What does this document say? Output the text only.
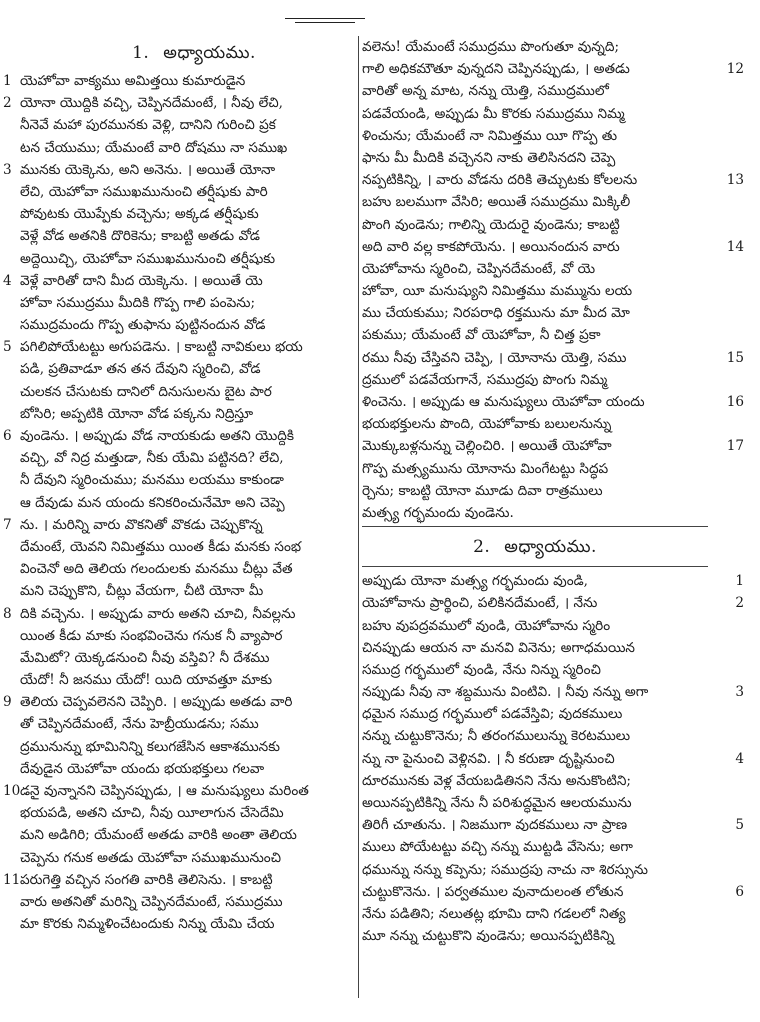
1. అధ్యాయము.
యెహోవా వాక్యము అమిత్తయి కుమారుడైన
1
యోనా యొద్దికి వచ్చి, చెప్పినదేమంటే, । నీవు లేచి,
2
నీనెవే మహా పురమునకు వెళ్లి, దానిని గురించి ప్రక
టన చేయుము; యేమంటే వారి దోషము నా సముఖ
మునకు యెక్కెను, అని అనెను. । అయితే యోనా
3
లేచి, యెహోవా సముఖమునుంచి తర్షీషుకు పారి
పోవుటకు యొప్పేకు వచ్చెను; అక్కడ తర్షీషుకు
వెళ్లే వోడ అతనికి దొరికెను; కాబట్టి అతడు వోడ
అద్దెయిచ్చి, యెహోవా సముఖమునుంచి తర్షీషుకు
వెళ్లే వారితో దాని మీద యెక్కెను. । అయితే యె
4
హోవా సముద్రము మీదికి గొప్ప గాలి పంపెను;
సముద్రమందు గొప్ప తుఫాను పుట్టినందున వోడ
పగిలిపోయేటట్టు అగుపడెను. । కాబట్టి నావికులు భయ
5
పడి, ప్రతివాడూ తన తన దేవుని స్మరించి, వోడ
చులకన చేసుటకు దానిలో దినుసులను బైట పార
బోసిరి; అప్పటికి యోనా వోడ పక్కను నిద్రిస్తూ
వుండెను. । అప్పుడు వోడ నాయకుడు అతని యొద్దికి
6
వచ్చి, వో నిద్ర మత్తుడా, నీకు యేమి పట్టినది? లేచి,
నీ దేవుని స్మరించుము; మనము లయము కాకుండా
ఆ దేవుడు మన యందు కనికరించునేమో అని చెప్పె
ను. । మరిన్ని వారు వొకనితో వొకడు చెప్పుకొన్న
7
దేమంటే, యెవని నిమిత్తము యింత కీడు మనకు సంభ
వించెనో అది తెలియ గలందులకు మనము చీట్లు వేత
మని చెప్పుకొని, చీట్లు వేయగా, చీటి యోనా మీ
దికి వచ్చెను. । అప్పుడు వారు అతని చూచి, నీవల్లను
8
యింత కీడు మాకు సంభవించెను గనుక నీ వ్యాపార
మేమిటో? యెక్కడనుంచి నీవు వస్తివి? నీ దేశము
యేదో! నీ జనము యేదో! యిది యావత్తూ మాకు
తెలియ చెప్పవలెనని చెప్పిరి. । అప్పుడు అతడు వారి
9
తో చెప్పినదేమంటే, నేను హెబ్రీయుడను; సము
ద్రమునున్ను భూమినిన్ని కలుగజేసిన ఆకాశమునకు
దేవుడైన యెహోవా యందు భయభక్తులు గలవా
డనై వున్నానని చెప్పినప్పుడు, । ఆ మనుష్యులు మరింత
10
భయపడి, అతని చూచి, నీవు యీలాగున చేసెదేమి
మని అడిగిరి; యేమంటే అతడు వారికి అంతా తెలియ
చెప్పెను గనుక అతడు యెహోవా సముఖమునుంచి
పరుగెత్తి వచ్చిన సంగతి వారికి తెలిసెను. । కాబట్టి
11
వారు అతనితో మరిన్ని చెప్పినదేమంటే, సముద్రము
మా కొరకు నిమ్మళించేటందుకు నిన్ను యేమి చేయ
వలెను! యేమంటే సముద్రము పొంగుతూ వున్నది;
గాలి అధికమౌతూ వున్నదని చెప్పినప్పుడు, । అతడు	12
వారితో అన్న మాట, నన్ను యెత్తి, సముద్రములో
పడవేయండి, అప్పుడు మీ కొరకు సముద్రము నిమ్మ
ళించును; యేమంటే నా నిమిత్తము యీ గొప్ప తు
ఫాను మీ మీదికి వచ్చెనని నాకు తెలిసినదని చెప్పె
నప్పటికిన్ని, । వారు వోడను దరికి తెచ్చుటకు కోలలను	13
బహు బలముగా వేసిరి; అయితే సముద్రము మిక్కిలీ
పొంగి వుండెను; గాలిన్ని యెదురై వుండెను; కాబట్టి
అది వారి వల్ల కాకపోయెను. । అయినందున వారు	14
యెహోవాను స్మరించి, చెప్పినదేమంటే, వో యె
హోవా, యీ మనుష్యుని నిమిత్తము మమ్మును లయ
ము చేయకుము; నిరపరాధి రక్తమును మా మీద మో
పకుము; యేమంటే వో యెహోవా, నీ చిత్త ప్రకా
రము నీవు చేస్తివని చెప్పి, । యోనాను యెత్తి, సము	15
ద్రములో పడవేయగానే, సముద్రపు పొంగు నిమ్మ
ళించెను. । అప్పుడు ఆ మనుష్యులు యెహోవా యందు	16
భయభక్తులను పొంది, యెహోవాకు బలులనున్ను
మొక్కుబళ్లనున్ను చెల్లించిరి. । అయితే యెహోవా	17
గొప్ప మత్స్యమును యోనాను మింగేటట్టు సిద్ధప
ర్చెను; కాబట్టి యోనా మూడు దివా రాత్రములు
మత్స్య గర్భమందు వుండెను.
2. అధ్యాయము.
అప్పుడు యోనా మత్స్య గర్భమందు వుండి,	1
యెహోవాను ప్రార్థించి, పలికినదేమంటే, । నేను	2
బహు వుపద్రవములో వుండి, యెహోవాను స్మరిం
చినప్పుడు ఆయన నా మనవి వినెను; అగాధమయిన
సముద్ర గర్భములో వుండి, నేను నిన్ను స్మరించి
నప్పుడు నీవు నా శబ్దమును వింటివి. । నీవు నన్ను అగా	3
ధమైన సముద్ర గర్భములో పడవేస్తివి; వుదకములు
నన్ను చుట్టుకొనెను; నీ తరంగములున్ను కెరటములు
న్ను నా పైనుంచి వెళ్లినవి. । నీ కరుణా దృష్టినుంచి	4
దూరమునకు వెళ్ల వేయబడితినని నేను అనుకొంటిని;
అయినప్పటికిన్ని నేను నీ పరిశుద్ధమైన ఆలయమును
తిరిగీ చూతును. । నిజముగా వుదకములు నా ప్రాణ	5
ములు పోయేటట్టు వచ్చి నన్ను ముట్టడి వేసెను; అగా
ధమున్ను నన్ను కప్పెను; సముద్రపు నాచు నా శిరస్సును
చుట్టుకొనెను. । పర్వతముల వునాదులంత లోతున	6
నేను పడితిని; నలుతట్ల భూమి దాని గడలలో నిత్య
మూ నన్ను చుట్టుకొని వుండెను; అయినప్పటికిన్ని
